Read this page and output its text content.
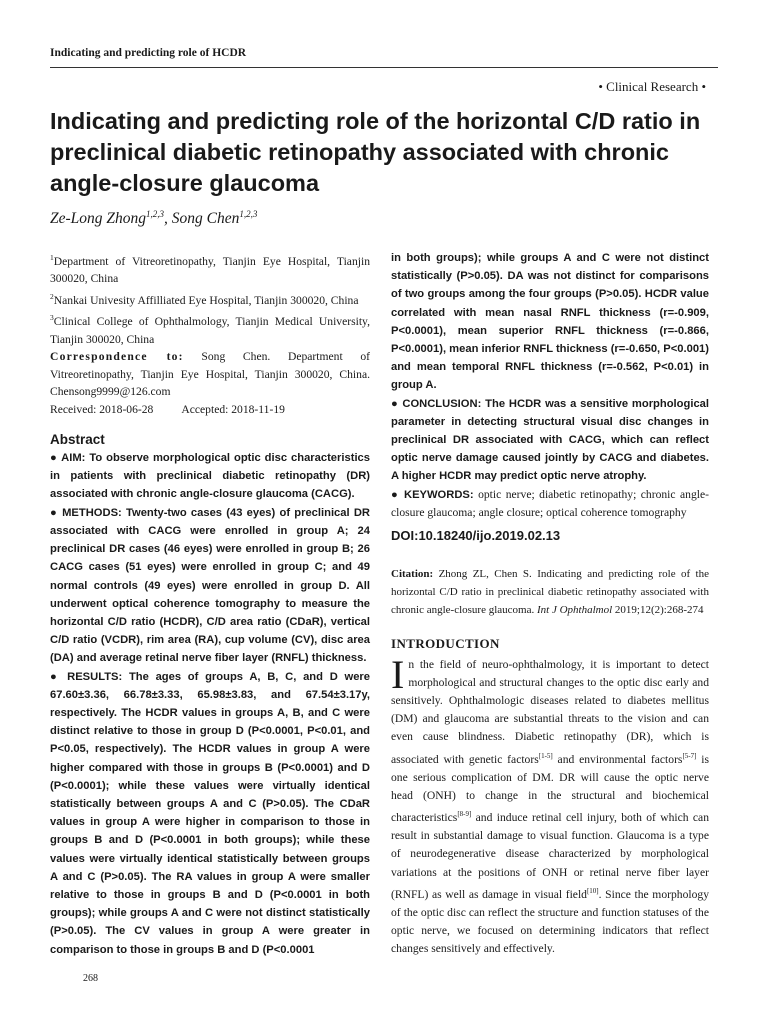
Indicating and predicting role of HCDR
• Clinical Research •
Indicating and predicting role of the horizontal C/D ratio in preclinical diabetic retinopathy associated with chronic angle-closure glaucoma
Ze-Long Zhong$^{1,2,3}$, Song Chen$^{1,2,3}$
$^1$Department of Vitreoretinopathy, Tianjin Eye Hospital, Tianjin 300020, China
$^2$Nankai Univesity Affilliated Eye Hospital, Tianjin 300020, China
$^3$Clinical College of Ophthalmology, Tianjin Medical University, Tianjin 300020, China
Correspondence to: Song Chen. Department of Vitreoretinopathy, Tianjin Eye Hospital, Tianjin 300020, China. Chensong9999@126.com
Received: 2018-06-28 Accepted: 2018-11-19
Abstract

● AIM: To observe morphological optic disc characteristics in patients with preclinical diabetic retinopathy (DR) associated with chronic angle-closure glaucoma (CACG).

● METHODS: Twenty-two cases (43 eyes) of preclinical DR associated with CACG were enrolled in group A; 24 preclinical DR cases (46 eyes) were enrolled in group B; 26 CACG cases (51 eyes) were enrolled in group C; and 49 normal controls (49 eyes) were enrolled in group D. All underwent optical coherence tomography to measure the horizontal C/D ratio (HCDR), C/D area ratio (CDaR), vertical C/D ratio (VCDR), rim area (RA), cup volume (CV), disc area (DA) and average retinal nerve fiber layer (RNFL) thickness.

● RESULTS: The ages of groups A, B, C, and D were 67.60±3.36, 66.78±3.33, 65.98±3.83, and 67.54±3.17y, respectively. The HCDR values in groups A, B, and C were distinct relative to those in group D (P<0.0001, P<0.01, and P<0.05, respectively). The HCDR values in group A were higher compared with those in groups B (P<0.0001) and D (P<0.0001); while these values were virtually identical statistically between groups A and C (P>0.05). The CDaR values in group A were higher in comparison to those in groups B and D (P<0.0001 in both groups); while these values were virtually identical statistically between groups A and C (P>0.05). The RA values in group A were smaller relative to those in groups B and D (P<0.0001 in both groups); while groups A and C were not distinct statistically (P>0.05). The CV values in group A were greater in comparison to those in groups B and D (P<0.0001

in both groups); while groups A and C were not distinct statistically (P>0.05). DA was not distinct for comparisons of two groups among the four groups (P>0.05). HCDR value correlated with mean nasal RNFL thickness (r=-0.909, P<0.0001), mean superior RNFL thickness (r=-0.866, P<0.0001), mean inferior RNFL thickness (r=-0.650, P<0.001) and mean temporal RNFL thickness (r=-0.562, P<0.01) in group A.

● CONCLUSION: The HCDR was a sensitive morphological parameter in detecting structural visual disc changes in preclinical DR associated with CACG, which can reflect optic nerve damage caused jointly by CACG and diabetes. A higher HCDR may predict optic nerve atrophy.

● KEYWORDS: optic nerve; diabetic retinopathy; chronic angle-closure glaucoma; angle closure; optical coherence tomography

DOI:10.18240/ijo.2019.02.13
Citation: Zhong ZL, Chen S. Indicating and predicting role of the horizontal C/D ratio in preclinical diabetic retinopathy associated with chronic angle-closure glaucoma. Int J Ophthalmol 2019;12(2):268-274
INTRODUCTION
In the field of neuro-ophthalmology, it is important to detect morphological and structural changes to the optic disc early and sensitively. Ophthalmologic diseases related to diabetes mellitus (DM) and glaucoma are substantial threats to the vision and can even cause blindness. Diabetic retinopathy (DR), which is associated with genetic factors[1-5] and environmental factors[5-7] is one serious complication of DM. DR will cause the optic nerve head (ONH) to change in the structural and biochemical characteristics[8-9] and induce retinal cell injury, both of which can result in substantial damage to visual function. Glaucoma is a type of neurodegenerative disease characterized by morphological variations at the positions of ONH or retinal nerve fiber layer (RNFL) as well as damage in visual field[10]. Since the morphology of the optic disc can reflect the structure and function statuses of the optic nerve, we focused on determining indicators that reflect changes sensitively and effectively.
268
